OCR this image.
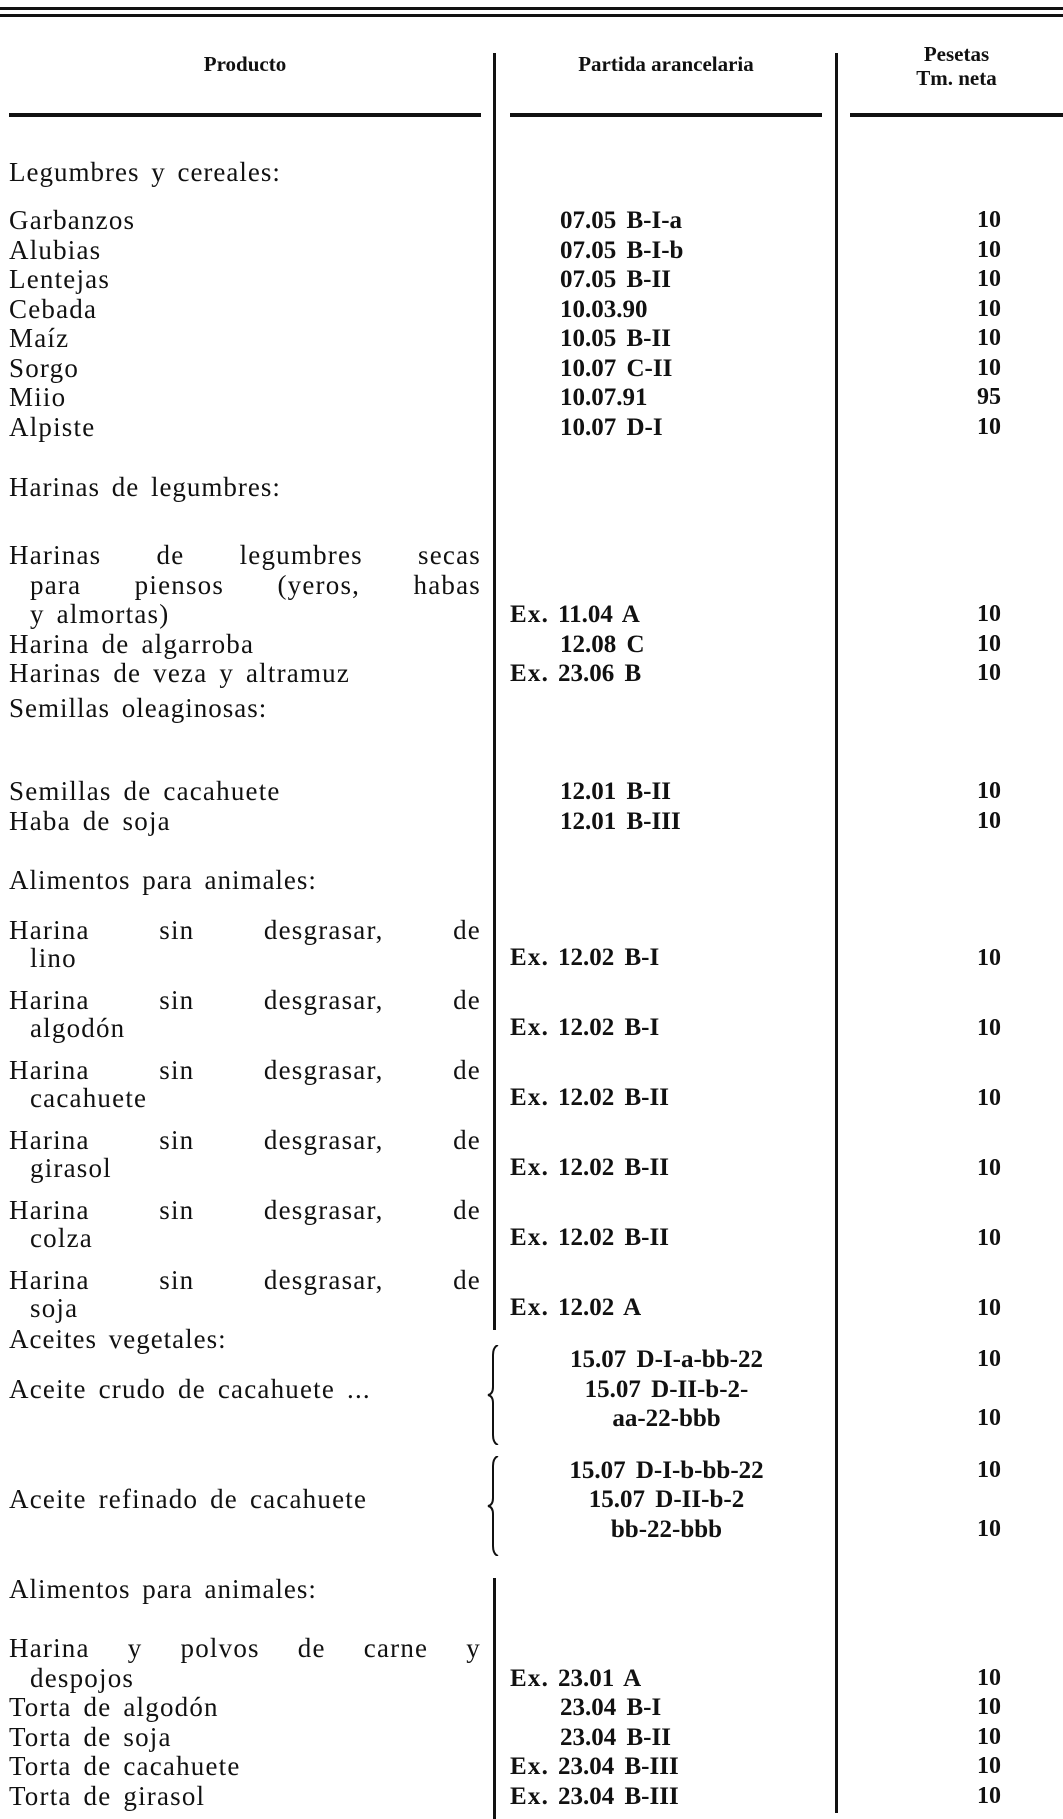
Producto	Partida arancelaria	Pesetas
Tm. neta
Legumbres y cereales:
Garbanzos	07.05 B-I-a	10
Alubias	07.05 B-I-b	10
Lentejas	07.05 B-II	10
Cebada	10.03.90	10
Maíz	10.05 B-II	10
Sorgo	10.07 C-II	10
Miio	10.07.91	95
Alpiste	10.07 D-I	10
Harinas de legumbres:
Harinas de legumbres secas
para piensos (yeros, habas
y almortas)	Ex. 11.04 A	10
Harina de algarroba	12.08 C	10
Harinas de veza y altramuz	Ex. 23.06 B	10
Semillas oleaginosas:
Semillas de cacahuete	12.01 B-II	10
Haba de soja	12.01 B-III	10
Alimentos para animales:
Harina sin desgrasar, de
lino	Ex. 12.02 B-I	10
Harina sin desgrasar, de
algodón	Ex. 12.02 B-I	10
Harina sin desgrasar, de
cacahuete	Ex. 12.02 B-II	10
Harina sin desgrasar, de
girasol	Ex. 12.02 B-II	10
Harina sin desgrasar, de
colza	Ex. 12.02 B-II	10
Harina sin desgrasar, de
soja	Ex. 12.02 A	10
Aceites vegetales:
Aceite crudo de cacahuete ...
15.07 D-I-a-bb-22	10
15.07 D-II-b-2-
aa-22-bbb	10
Aceite refinado de cacahuete
15.07 D-I-b-bb-22	10
15.07 D-II-b-2
bb-22-bbb	10
Alimentos para animales:
Harina y polvos de carne y
despojos	Ex. 23.01 A	10
Torta de algodón	23.04 B-I	10
Torta de soja	23.04 B-II	10
Torta de cacahuete	Ex. 23.04 B-III	10
Torta de girasol	Ex. 23.04 B-III	10
